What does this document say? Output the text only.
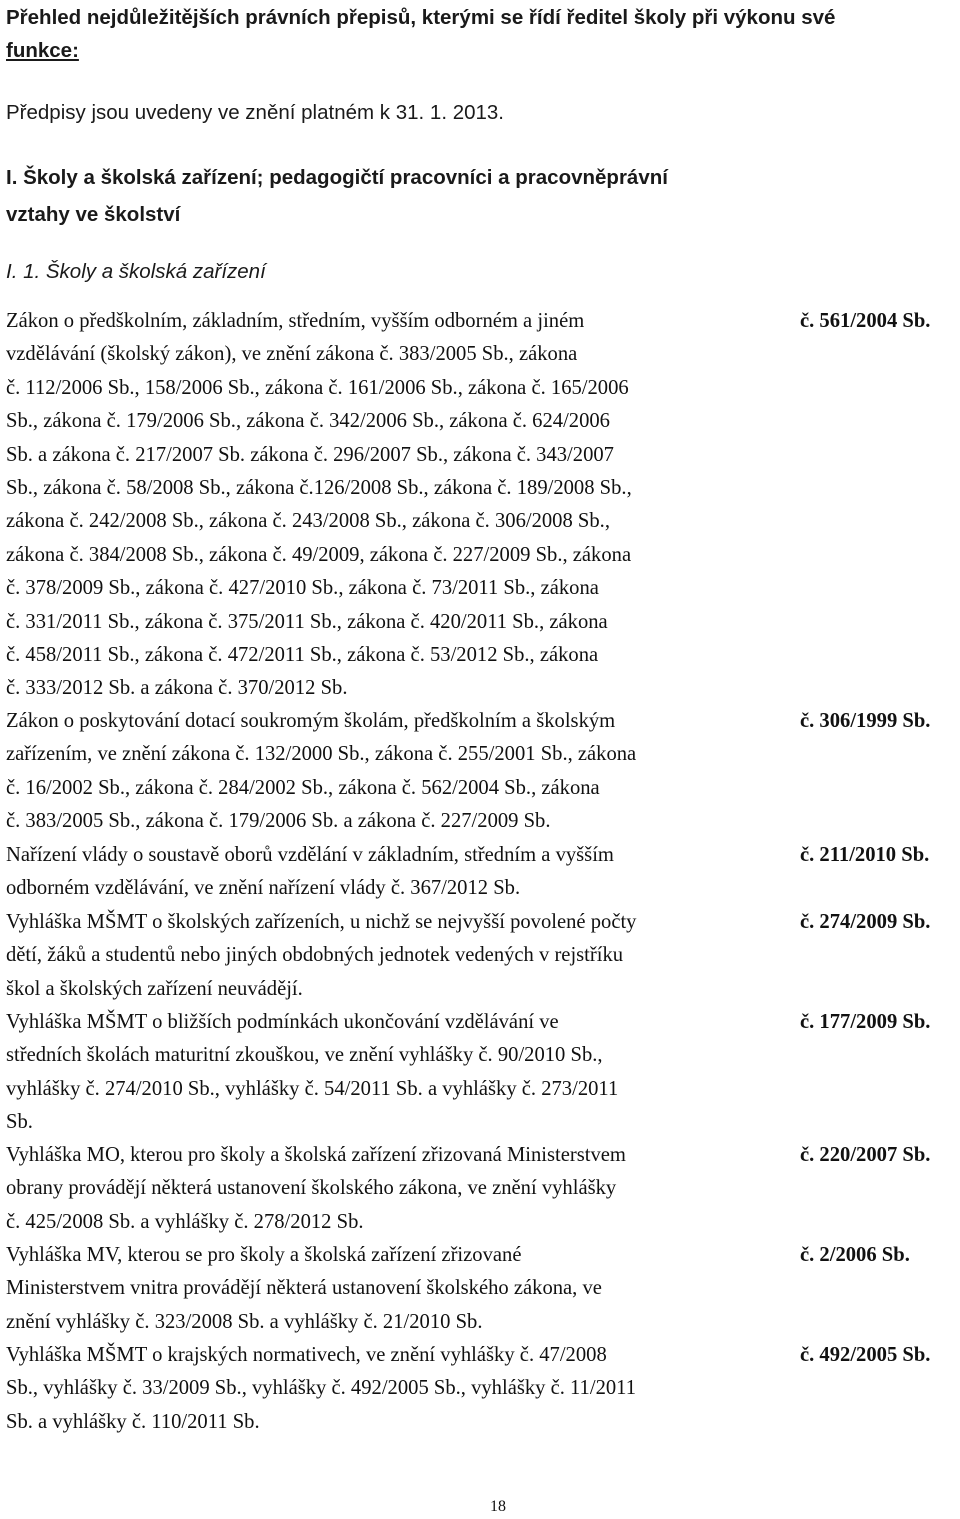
Přehled nejdůležitějších právních přepisů, kterými se řídí ředitel školy při výkonu své
funkce:
Předpisy jsou uvedeny ve znění platném k 31. 1. 2013.
I. Školy a školská zařízení; pedagogičtí pracovníci a pracovněprávní
vztahy ve školství
I. 1. Školy a školská zařízení
Zákon o předškolním, základním, středním, vyšším odborném a jiném
vzdělávání (školský zákon), ve znění zákona č. 383/2005 Sb., zákona
č. 112/2006 Sb., 158/2006 Sb., zákona č. 161/2006 Sb., zákona č. 165/2006
Sb., zákona č. 179/2006 Sb., zákona č. 342/2006 Sb., zákona č. 624/2006
Sb. a zákona č. 217/2007 Sb. zákona č. 296/2007 Sb., zákona č. 343/2007
Sb., zákona č. 58/2008 Sb., zákona č.126/2008 Sb., zákona č. 189/2008 Sb.,
zákona č. 242/2008 Sb., zákona č. 243/2008 Sb., zákona č. 306/2008 Sb.,
zákona č. 384/2008 Sb., zákona č. 49/2009, zákona č. 227/2009 Sb., zákona
č. 378/2009 Sb., zákona č. 427/2010 Sb., zákona č. 73/2011 Sb., zákona
č. 331/2011 Sb., zákona č. 375/2011 Sb., zákona č. 420/2011 Sb., zákona
č. 458/2011 Sb., zákona č. 472/2011 Sb., zákona č. 53/2012 Sb., zákona
č. 333/2012 Sb. a zákona č. 370/2012 Sb.
č. 561/2004 Sb.
Zákon o poskytování dotací soukromým školám, předškolním a školským
zařízením, ve znění zákona č. 132/2000 Sb., zákona č. 255/2001 Sb., zákona
č. 16/2002 Sb., zákona č. 284/2002 Sb., zákona č. 562/2004 Sb., zákona
č. 383/2005 Sb., zákona č. 179/2006 Sb. a zákona č. 227/2009 Sb.
č. 306/1999 Sb.
Nařízení vlády o soustavě oborů vzdělání v základním, středním a vyšším
odborném vzdělávání, ve znění nařízení vlády č. 367/2012 Sb.
č. 211/2010 Sb.
Vyhláška MŠMT o školských zařízeních, u nichž se nejvyšší povolené počty
dětí, žáků a studentů nebo jiných obdobných jednotek vedených v rejstříku
škol a školských zařízení neuvádějí.
č. 274/2009 Sb.
Vyhláška MŠMT o bližších podmínkách ukončování vzdělávání ve
středních školách maturitní zkouškou, ve znění vyhlášky č. 90/2010 Sb.,
vyhlášky č. 274/2010 Sb., vyhlášky č. 54/2011 Sb. a vyhlášky č. 273/2011
Sb.
č. 177/2009 Sb.
Vyhláška MO, kterou pro školy a školská zařízení zřizovaná Ministerstvem
obrany provádějí některá ustanovení školského zákona, ve znění vyhlášky
č. 425/2008 Sb. a vyhlášky č. 278/2012 Sb.
č. 220/2007 Sb.
Vyhláška MV, kterou se pro školy a školská zařízení zřizované
Ministerstvem vnitra provádějí některá ustanovení školského zákona, ve
znění vyhlášky č. 323/2008 Sb. a vyhlášky č. 21/2010 Sb.
č. 2/2006 Sb.
Vyhláška MŠMT o krajských normativech, ve znění vyhlášky č. 47/2008
Sb., vyhlášky č. 33/2009 Sb., vyhlášky č. 492/2005 Sb., vyhlášky č. 11/2011
Sb. a vyhlášky č. 110/2011 Sb.
č. 492/2005 Sb.
18
